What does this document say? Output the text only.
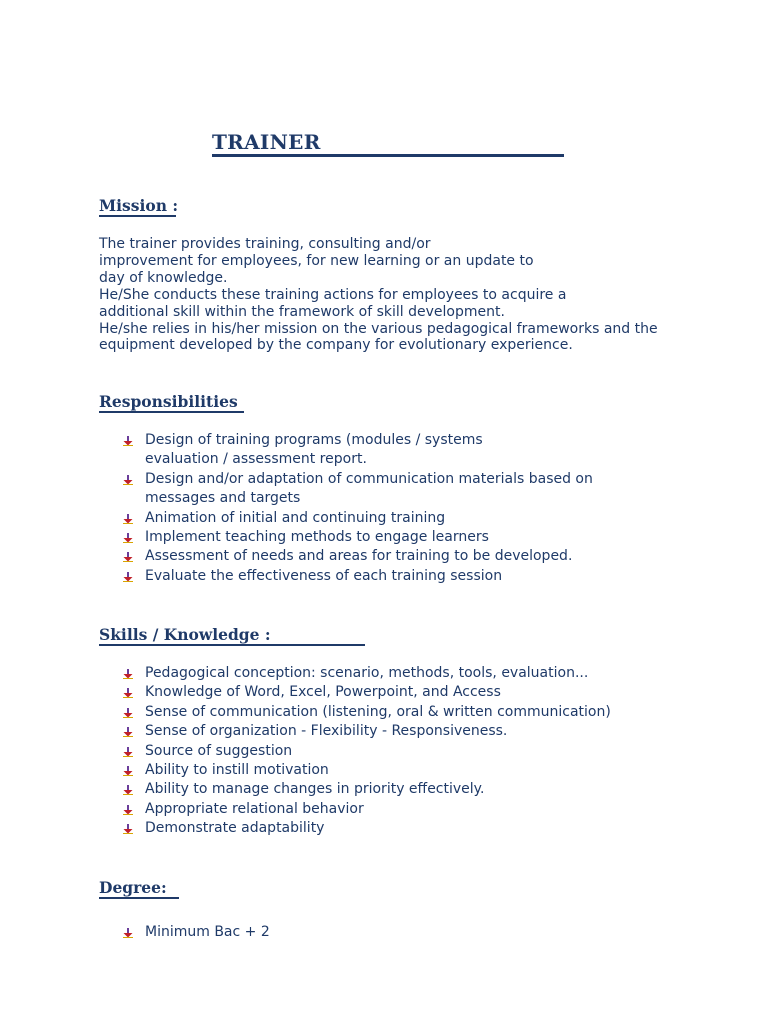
TRAINER
Mission :
The trainer provides training, consulting and/or
improvement for employees, for new learning or an update to
day of knowledge.
He/She conducts these training actions for employees to acquire a
additional skill within the framework of skill development.
He/she relies in his/her mission on the various pedagogical frameworks and the
equipment developed by the company for evolutionary experience.
Responsibilities
Design of training programs (modules / systems
evaluation / assessment report.
Design and/or adaptation of communication materials based on
messages and targets
Animation of initial and continuing training
Implement teaching methods to engage learners
Assessment of needs and areas for training to be developed.
Evaluate the effectiveness of each training session
Skills / Knowledge :
Pedagogical conception: scenario, methods, tools, evaluation...
Knowledge of Word, Excel, Powerpoint, and Access
Sense of communication (listening, oral & written communication)
Sense of organization - Flexibility - Responsiveness.
Source of suggestion
Ability to instill motivation
Ability to manage changes in priority effectively.
Appropriate relational behavior
Demonstrate adaptability
Degree:
Minimum Bac + 2
